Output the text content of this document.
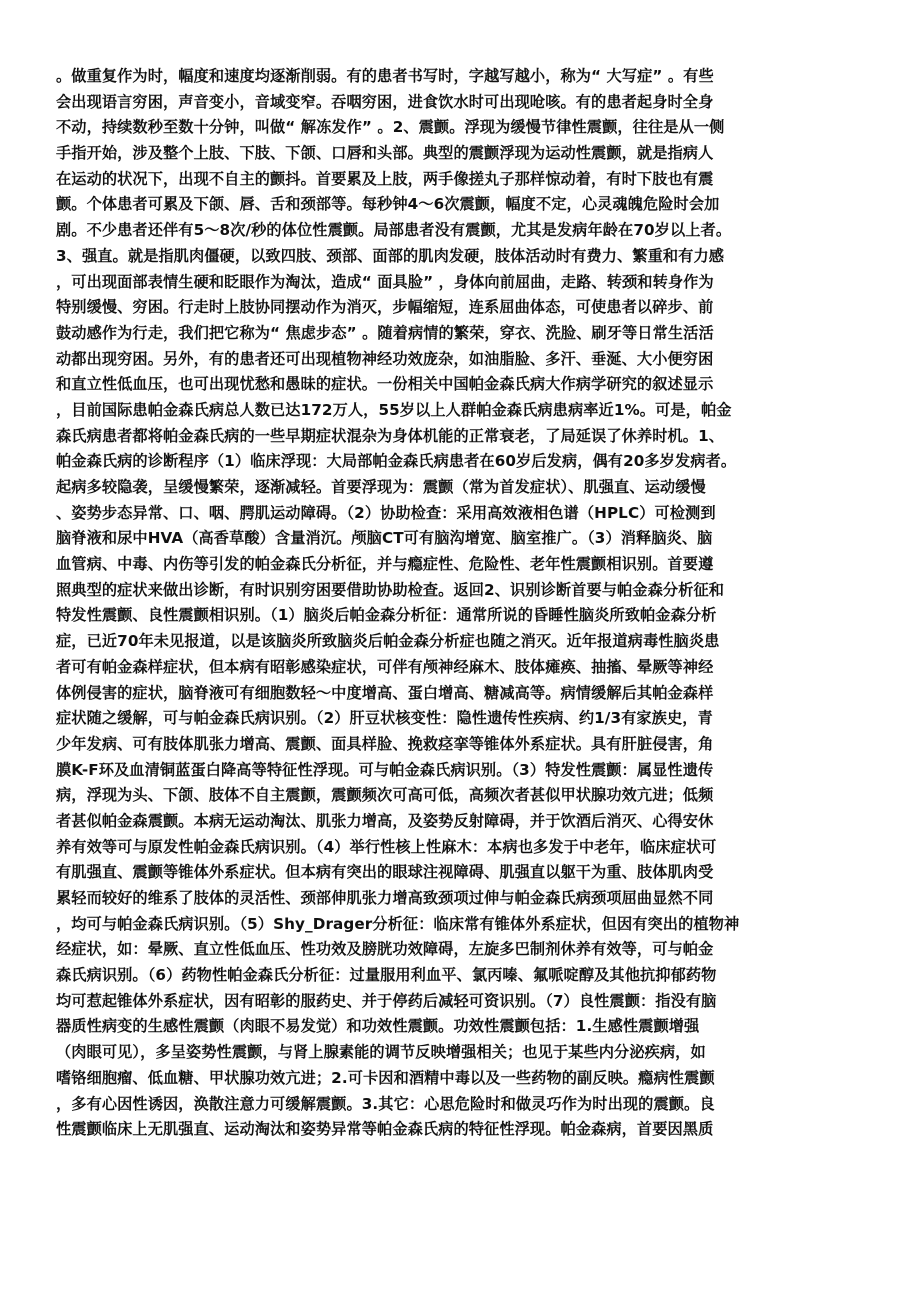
。做重复作为时，幅度和速度均逐渐削弱。有的患者书写时，字越写越小，称为“ 大写症” 。有些
会出现语言穷困，声音变小，音域变窄。吞咽穷困，进食饮水时可出现呛咳。有的患者起身时全身
不动，持续数秒至数十分钟，叫做“ 解冻发作” 。2、震颤。浮现为缓慢节律性震颤，往往是从一侧
手指开始，涉及整个上肢、下肢、下颌、口唇和头部。典型的震颤浮现为运动性震颤，就是指病人
在运动的状况下，出现不自主的颤抖。首要累及上肢，两手像搓丸子那样惊动着，有时下肢也有震
颤。个体患者可累及下颌、唇、舌和颈部等。每秒钟4～6次震颤，幅度不定，心灵魂魄危险时会加
剧。不少患者还伴有5～8次/秒的体位性震颤。局部患者没有震颤，尤其是发病年龄在70岁以上者。
3、强直。就是指肌肉僵硬，以致四肢、颈部、面部的肌肉发硬，肢体活动时有费力、繁重和有力感
，可出现面部表情生硬和眨眼作为淘汰，造成“ 面具脸” ，身体向前屈曲，走路、转颈和转身作为
特别缓慢、穷困。行走时上肢协同摆动作为消灭，步幅缩短，连系屈曲体态，可使患者以碎步、前
鼓动感作为行走，我们把它称为“ 焦虑步态” 。随着病情的繁荣，穿衣、洗脸、刷牙等日常生活活
动都出现穷困。另外，有的患者还可出现植物神经功效庞杂，如油脂脸、多汗、垂涎、大小便穷困
和直立性低血压，也可出现忧愁和愚昧的症状。一份相关中国帕金森氏病大作病学研究的叙述显示
，目前国际患帕金森氏病总人数已达172万人，55岁以上人群帕金森氏病患病率近1%。可是，帕金
森氏病患者都将帕金森氏病的一些早期症状混杂为身体机能的正常衰老，了局延误了休养时机。1、
帕金森氏病的诊断程序（1）临床浮现：大局部帕金森氏病患者在60岁后发病，偶有20多岁发病者。
起病多较隐袭，呈缓慢繁荣，逐渐减轻。首要浮现为：震颤（常为首发症状）、肌强直、运动缓慢
、姿势步态异常、口、咽、腭肌运动障碍。（2）协助检查：采用高效液相色谱（HPLC）可检测到
脑脊液和尿中HVA（高香草酸）含量消沉。颅脑CT可有脑沟增宽、脑室推广。（3）消释脑炎、脑
血管病、中毒、内伤等引发的帕金森氏分析征，并与瘾症性、危险性、老年性震颤相识别。首要遵
照典型的症状来做出诊断，有时识别穷困要借助协助检查。返回2、识别诊断首要与帕金森分析征和
特发性震颤、良性震颤相识别。（1）脑炎后帕金森分析征：通常所说的昏睡性脑炎所致帕金森分析
症，已近70年未见报道，以是该脑炎所致脑炎后帕金森分析症也随之消灭。近年报道病毒性脑炎患
者可有帕金森样症状，但本病有昭彰感染症状，可伴有颅神经麻木、肢体瘫痪、抽搐、晕厥等神经
体例侵害的症状，脑脊液可有细胞数轻～中度增高、蛋白增高、糖减高等。病情缓解后其帕金森样
症状随之缓解，可与帕金森氏病识别。（2）肝豆状核变性：隐性遗传性疾病、约1/3有家族史，青
少年发病、可有肢体肌张力增高、震颤、面具样脸、挽救痉挛等锥体外系症状。具有肝脏侵害，角
膜K-F环及血清铜蓝蛋白降高等特征性浮现。可与帕金森氏病识别。（3）特发性震颤：属显性遗传
病，浮现为头、下颌、肢体不自主震颤，震颤频次可高可低，高频次者甚似甲状腺功效亢进；低频
者甚似帕金森震颤。本病无运动淘汰、肌张力增高，及姿势反射障碍，并于饮酒后消灭、心得安休
养有效等可与原发性帕金森氏病识别。（4）举行性核上性麻木：本病也多发于中老年，临床症状可
有肌强直、震颤等锥体外系症状。但本病有突出的眼球注视障碍、肌强直以躯干为重、肢体肌肉受
累轻而较好的维系了肢体的灵活性、颈部伸肌张力增高致颈项过伸与帕金森氏病颈项屈曲显然不同
，均可与帕金森氏病识别。（5）Shy_Drager分析征：临床常有锥体外系症状，但因有突出的植物神
经症状，如：晕厥、直立性低血压、性功效及膀胱功效障碍，左旋多巴制剂休养有效等，可与帕金
森氏病识别。（6）药物性帕金森氏分析征：过量服用利血平、氯丙嗪、氟哌啶醇及其他抗抑郁药物
均可惹起锥体外系症状，因有昭彰的服药史、并于停药后减轻可资识别。（7）良性震颤：指没有脑
器质性病变的生感性震颤（肉眼不易发觉）和功效性震颤。功效性震颤包括：1.生感性震颤增强
（肉眼可见），多呈姿势性震颤，与肾上腺素能的调节反映增强相关；也见于某些内分泌疾病，如
嗜铬细胞瘤、低血糖、甲状腺功效亢进；2.可卡因和酒精中毒以及一些药物的副反映。瘾病性震颤
，多有心因性诱因，涣散注意力可缓解震颤。3.其它：心思危险时和做灵巧作为时出现的震颤。良
性震颤临床上无肌强直、运动淘汰和姿势异常等帕金森氏病的特征性浮现。帕金森病，首要因黑质
